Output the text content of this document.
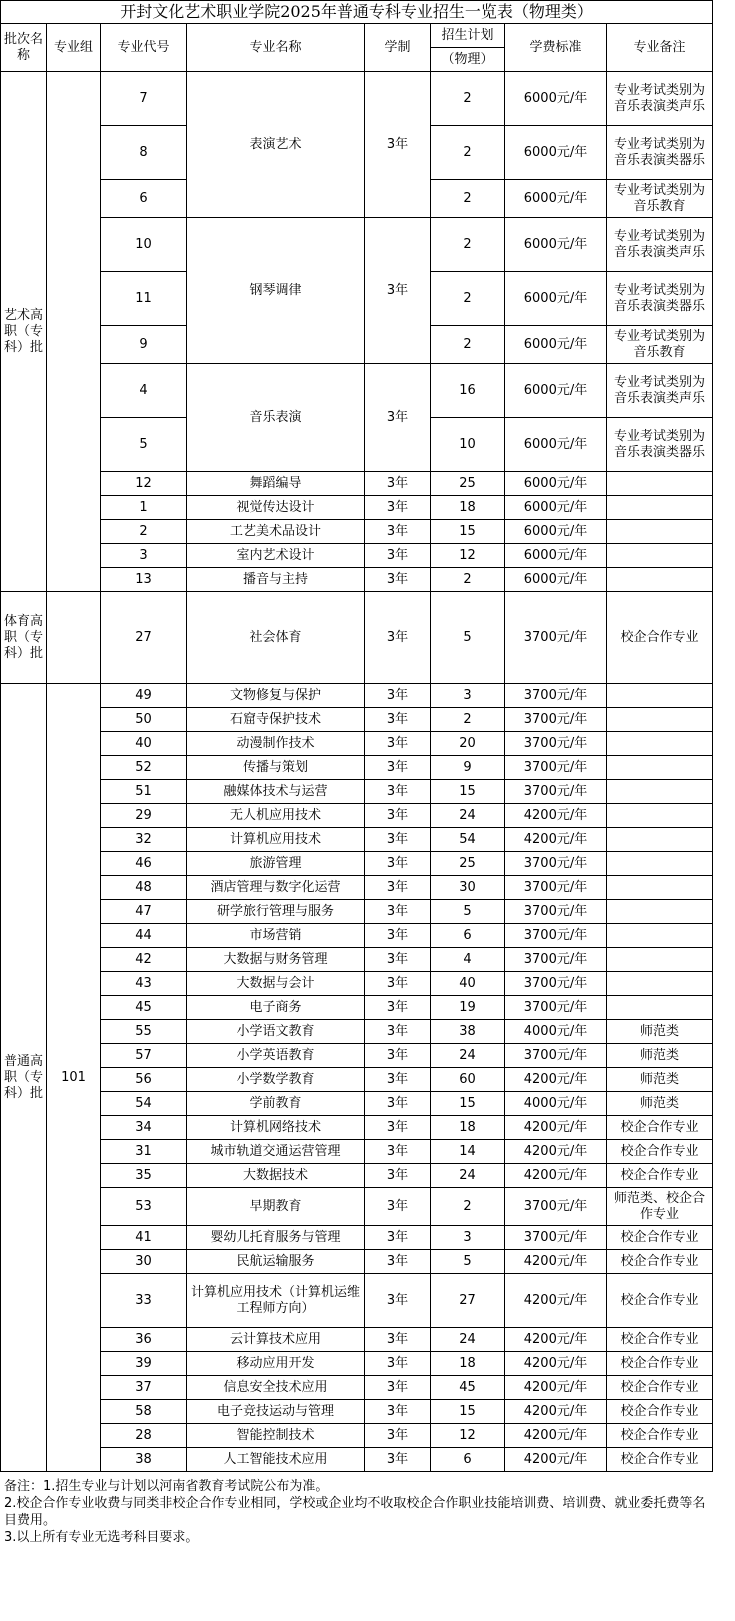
开封文化艺术职业学院2025年普通专科专业招生一览表（物理类）							
批次名称	专业组	专业代号	专业名称	学制	招生计划	学费标准	专业备注
					（物理）		
艺术高职（专科）批		7	表演艺术	3年	2	6000元/年	专业考试类别为音乐表演类声乐
		8			2	6000元/年	专业考试类别为音乐表演类器乐
		6			2	6000元/年	专业考试类别为音乐教育
		10	钢琴调律	3年	2	6000元/年	专业考试类别为音乐表演类声乐
		11			2	6000元/年	专业考试类别为音乐表演类器乐
		9			2	6000元/年	专业考试类别为音乐教育
		4	音乐表演	3年	16	6000元/年	专业考试类别为音乐表演类声乐
		5			10	6000元/年	专业考试类别为音乐表演类器乐
		12	舞蹈编导	3年	25	6000元/年	
		1	视觉传达设计	3年	18	6000元/年	
		2	工艺美术品设计	3年	15	6000元/年	
		3	室内艺术设计	3年	12	6000元/年	
		13	播音与主持	3年	2	6000元/年	
体育高职（专科）批		27	社会体育	3年	5	3700元/年	校企合作专业
普通高职（专科）批	101	49	文物修复与保护	3年	3	3700元/年	
		50	石窟寺保护技术	3年	2	3700元/年	
		40	动漫制作技术	3年	20	3700元/年	
		52	传播与策划	3年	9	3700元/年	
		51	融媒体技术与运营	3年	15	3700元/年	
		29	无人机应用技术	3年	24	4200元/年	
		32	计算机应用技术	3年	54	4200元/年	
		46	旅游管理	3年	25	3700元/年	
		48	酒店管理与数字化运营	3年	30	3700元/年	
		47	研学旅行管理与服务	3年	5	3700元/年	
		44	市场营销	3年	6	3700元/年	
		42	大数据与财务管理	3年	4	3700元/年	
		43	大数据与会计	3年	40	3700元/年	
		45	电子商务	3年	19	3700元/年	
		55	小学语文教育	3年	38	4000元/年	师范类
		57	小学英语教育	3年	24	3700元/年	师范类
		56	小学数学教育	3年	60	4200元/年	师范类
		54	学前教育	3年	15	4000元/年	师范类
		34	计算机网络技术	3年	18	4200元/年	校企合作专业
		31	城市轨道交通运营管理	3年	14	4200元/年	校企合作专业
		35	大数据技术	3年	24	4200元/年	校企合作专业
		53	早期教育	3年	2	3700元/年	师范类、校企合作专业
		41	婴幼儿托育服务与管理	3年	3	3700元/年	校企合作专业
		30	民航运输服务	3年	5	4200元/年	校企合作专业
		33	计算机应用技术（计算机运维工程师方向）	3年	27	4200元/年	校企合作专业
		36	云计算技术应用	3年	24	4200元/年	校企合作专业
		39	移动应用开发	3年	18	4200元/年	校企合作专业
		37	信息安全技术应用	3年	45	4200元/年	校企合作专业
		58	电子竞技运动与管理	3年	15	4200元/年	校企合作专业
		28	智能控制技术	3年	12	4200元/年	校企合作专业
		38	人工智能技术应用	3年	6	4200元/年	校企合作专业

备注：1.招生专业与计划以河南省教育考试院公布为准。

2.校企合作专业收费与同类非校企合作专业相同，学校或企业均不收取校企合作职业技能培训费、培训费、就业委托费等名目费用。

3.以上所有专业无选考科目要求。
